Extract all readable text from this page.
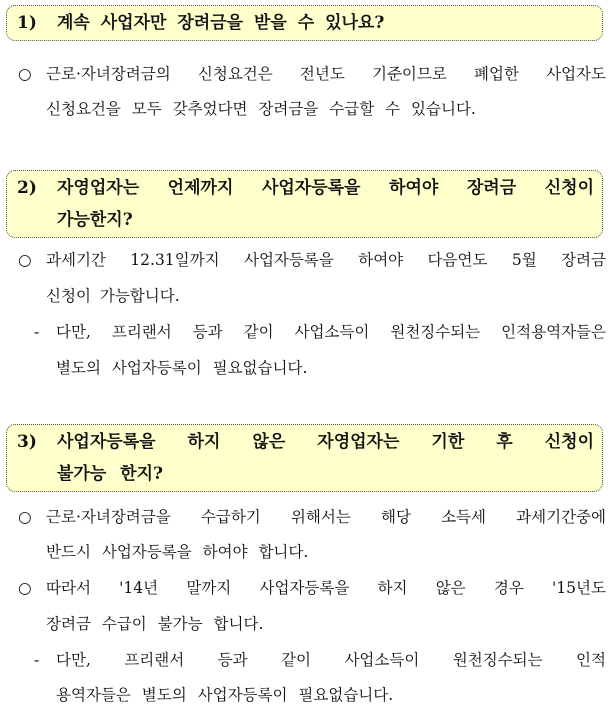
1)	계속 사업자만 장려금을 받을 수 있나요?
○ 근로·자녀장려금의 신청요건은 전년도 기준이므로 폐업한 사업자도
신청요건을 모두 갖추었다면 장려금을 수급할 수 있습니다.
2)	자영업자는 언제까지 사업자등록을 하여야 장려금 신청이
가능한지?
○ 과세기간 12.31일까지 사업자등록을 하여야 다음연도 5월 장려금
신청이 가능합니다.
- 다만, 프리랜서 등과 같이 사업소득이 원천징수되는 인적용역자들은
별도의 사업자등록이 필요없습니다.
3)	사업자등록을 하지 않은 자영업자는 기한 후 신청이
불가능 한지?
○ 근로·자녀장려금을 수급하기 위해서는 해당 소득세 과세기간중에
반드시 사업자등록을 하여야 합니다.
○ 따라서 '14년 말까지 사업자등록을 하지 않은 경우 '15년도
장려금 수급이 불가능 합니다.
- 다만, 프리랜서 등과 같이 사업소득이 원천징수되는 인적
용역자들은 별도의 사업자등록이 필요없습니다.
